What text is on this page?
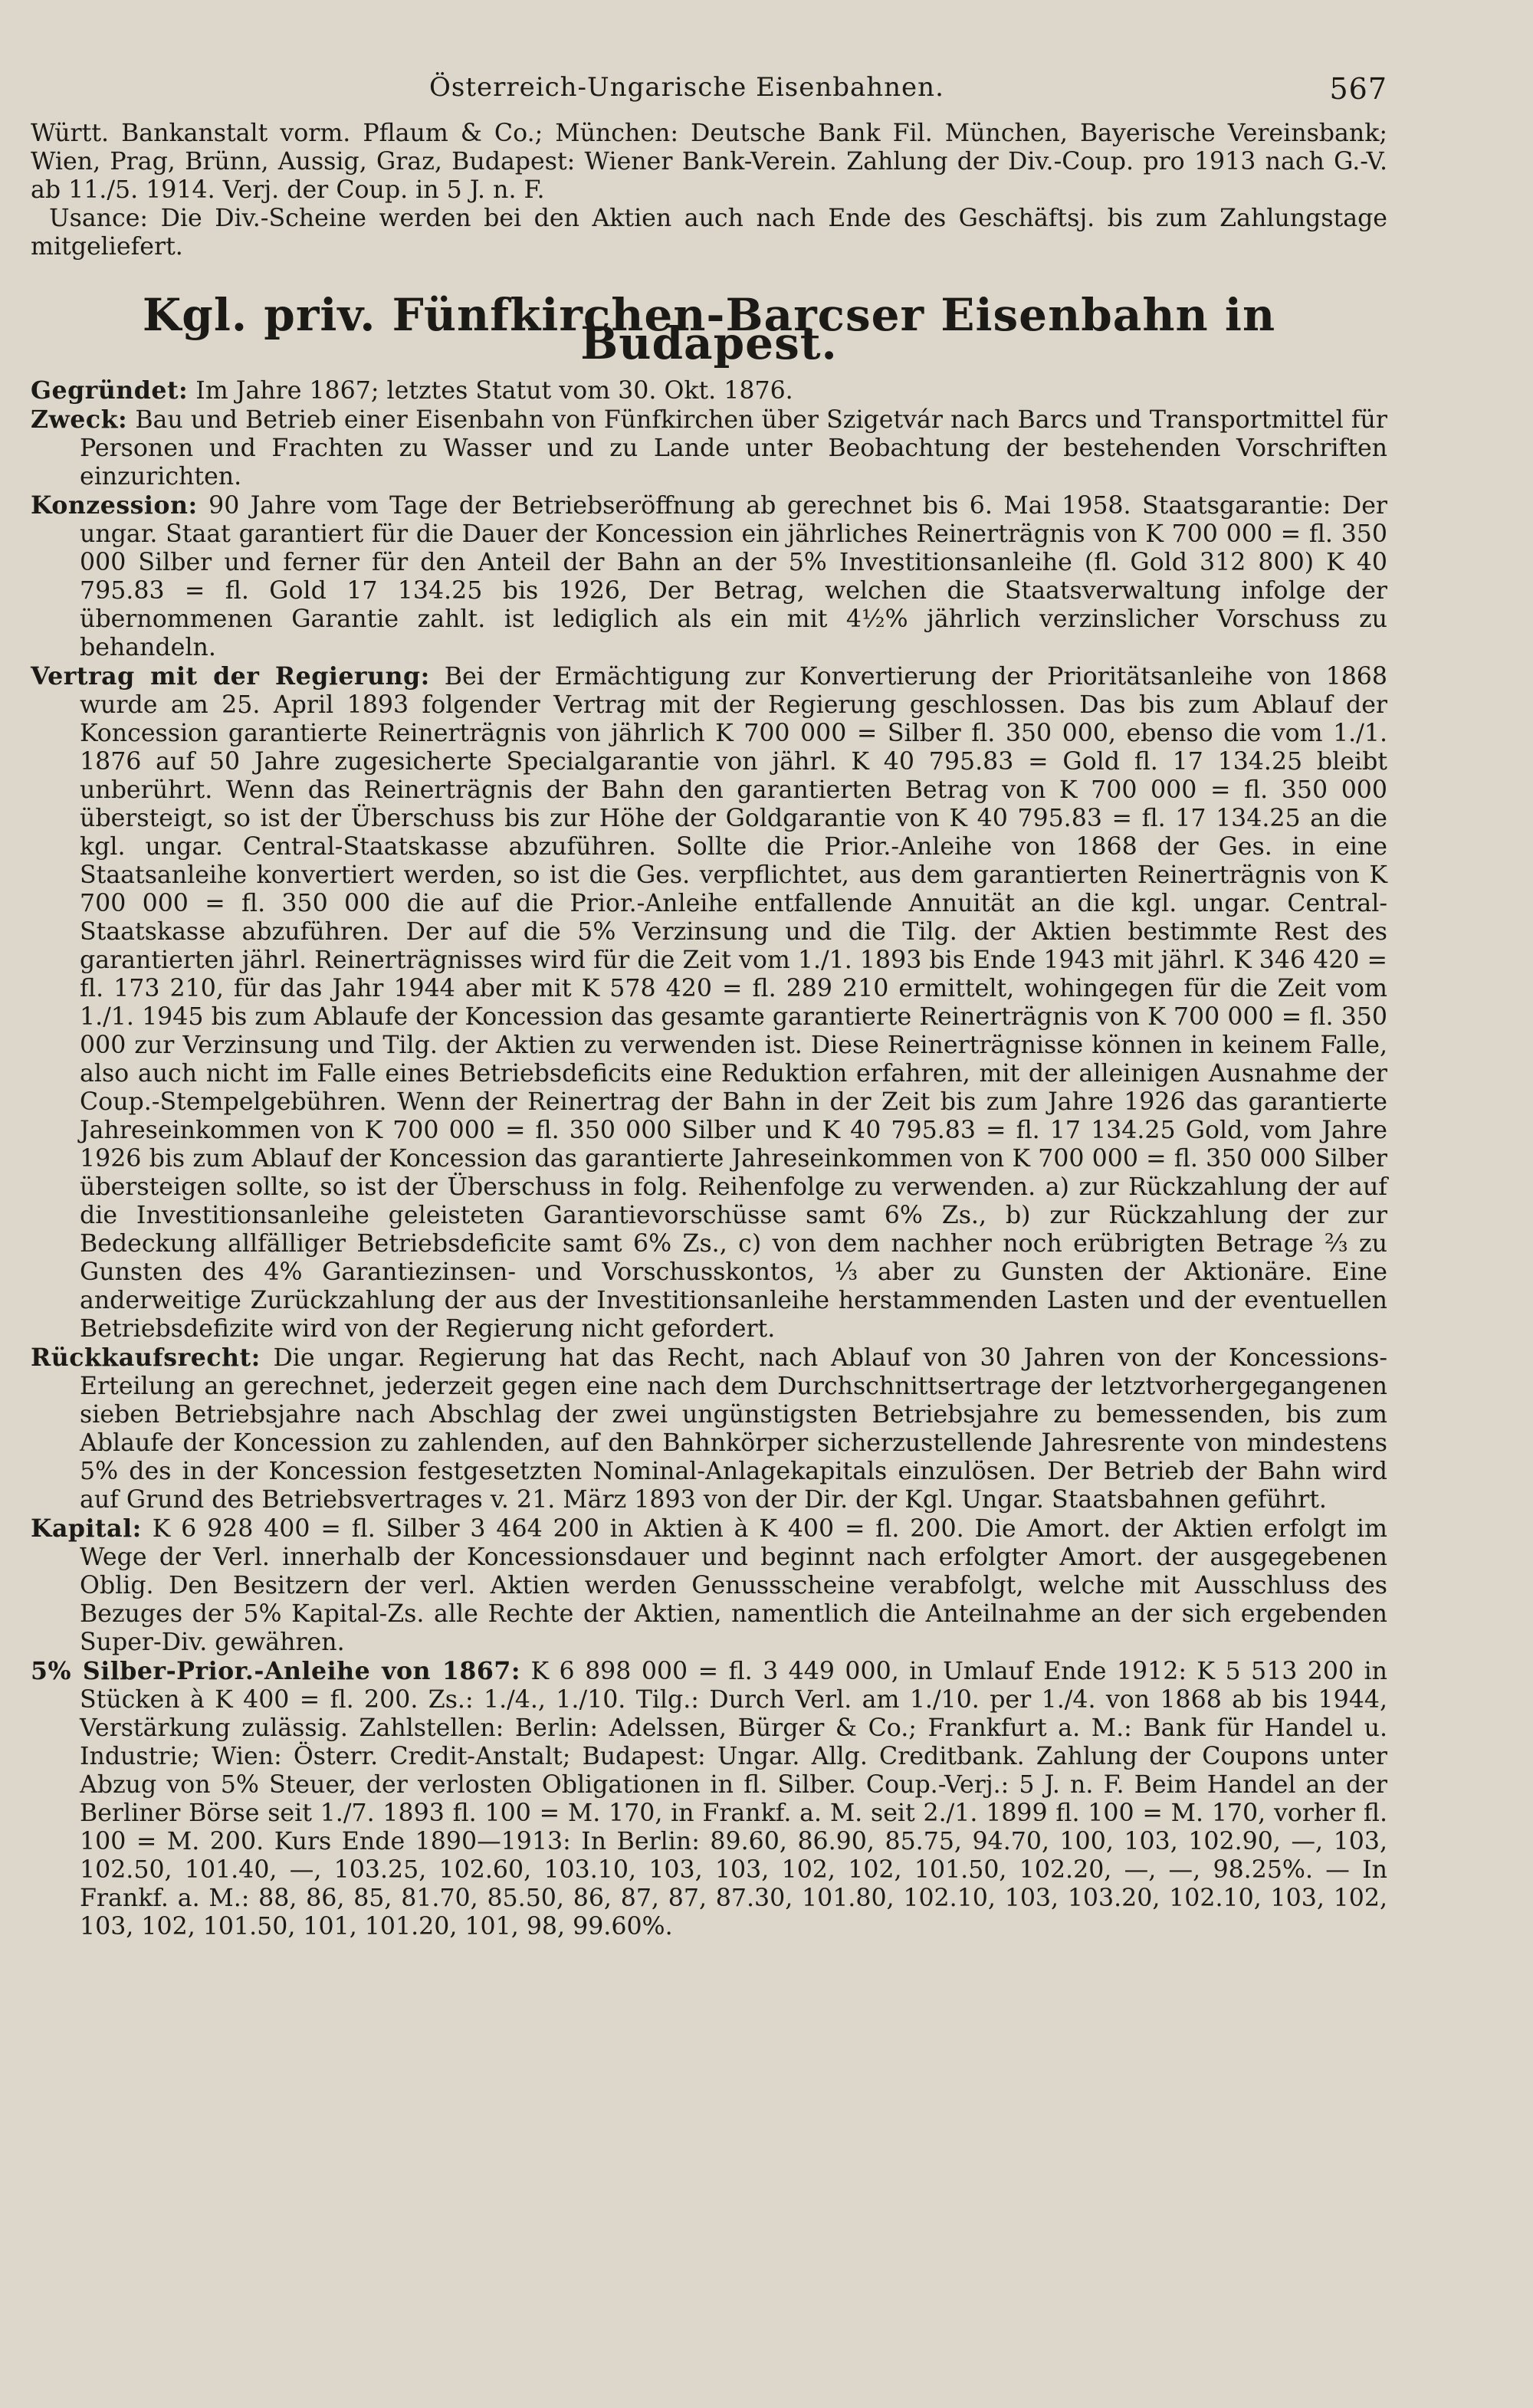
Österreich-Ungarische Eisenbahnen.	567

Württ. Bankanstalt vorm. Pflaum & Co.; München: Deutsche Bank Fil. München, Bayerische Vereinsbank; Wien, Prag, Brünn, Aussig, Graz, Budapest: Wiener Bank-Verein. Zahlung der Div.-Coup. pro 1913 nach G.-V. ab 11./5. 1914. Verj. der Coup. in 5 J. n. F.

Usance: Die Div.-Scheine werden bei den Aktien auch nach Ende des Geschäftsj. bis zum Zahlungstage mitgeliefert.

Kgl. priv. Fünfkirchen-Barcser Eisenbahn in Budapest.

Gegründet: Im Jahre 1867; letztes Statut vom 30. Okt. 1876.

Zweck: Bau und Betrieb einer Eisenbahn von Fünfkirchen über Szigetvár nach Barcs und Transportmittel für Personen und Frachten zu Wasser und zu Lande unter Beobachtung der bestehenden Vorschriften einzurichten.

Konzession: 90 Jahre vom Tage der Betriebseröffnung ab gerechnet bis 6. Mai 1958. Staatsgarantie: Der ungar. Staat garantiert für die Dauer der Koncession ein jährliches Reinerträgnis von K 700 000 = fl. 350 000 Silber und ferner für den Anteil der Bahn an der 5% Investitionsanleihe (fl. Gold 312 800) K 40 795.83 = fl. Gold 17 134.25 bis 1926, Der Betrag, welchen die Staatsverwaltung infolge der übernommenen Garantie zahlt. ist lediglich als ein mit 4½% jährlich verzinslicher Vorschuss zu behandeln.

Vertrag mit der Regierung: Bei der Ermächtigung zur Konvertierung der Prioritätsanleihe von 1868 wurde am 25. April 1893 folgender Vertrag mit der Regierung geschlossen. Das bis zum Ablauf der Koncession garantierte Reinerträgnis von jährlich K 700 000 = Silber fl. 350 000, ebenso die vom 1./1. 1876 auf 50 Jahre zugesicherte Specialgarantie von jährl. K 40 795.83 = Gold fl. 17 134.25 bleibt unberührt. Wenn das Reinerträgnis der Bahn den garantierten Betrag von K 700 000 = fl. 350 000 übersteigt, so ist der Überschuss bis zur Höhe der Goldgarantie von K 40 795.83 = fl. 17 134.25 an die kgl. ungar. Central-Staatskasse abzuführen. Sollte die Prior.-Anleihe von 1868 der Ges. in eine Staatsanleihe konvertiert werden, so ist die Ges. verpflichtet, aus dem garantierten Reinerträgnis von K 700 000 = fl. 350 000 die auf die Prior.-Anleihe entfallende Annuität an die kgl. ungar. Central-Staatskasse abzuführen. Der auf die 5% Verzinsung und die Tilg. der Aktien bestimmte Rest des garantierten jährl. Reinerträgnisses wird für die Zeit vom 1./1. 1893 bis Ende 1943 mit jährl. K 346 420 = fl. 173 210, für das Jahr 1944 aber mit K 578 420 = fl. 289 210 ermittelt, wohingegen für die Zeit vom 1./1. 1945 bis zum Ablaufe der Koncession das gesamte garantierte Reinerträgnis von K 700 000 = fl. 350 000 zur Verzinsung und Tilg. der Aktien zu verwenden ist. Diese Reinerträgnisse können in keinem Falle, also auch nicht im Falle eines Betriebsdeficits eine Reduktion erfahren, mit der alleinigen Ausnahme der Coup.-Stempelgebühren. Wenn der Reinertrag der Bahn in der Zeit bis zum Jahre 1926 das garantierte Jahreseinkommen von K 700 000 = fl. 350 000 Silber und K 40 795.83 = fl. 17 134.25 Gold, vom Jahre 1926 bis zum Ablauf der Koncession das garantierte Jahreseinkommen von K 700 000 = fl. 350 000 Silber übersteigen sollte, so ist der Überschuss in folg. Reihenfolge zu verwenden. a) zur Rückzahlung der auf die Investitionsanleihe geleisteten Garantievorschüsse samt 6% Zs., b) zur Rückzahlung der zur Bedeckung allfälliger Betriebsdeficite samt 6% Zs., c) von dem nachher noch erübrigten Betrage ⅔ zu Gunsten des 4% Garantiezinsen- und Vorschusskontos, ⅓ aber zu Gunsten der Aktionäre. Eine anderweitige Zurückzahlung der aus der Investitionsanleihe herstammenden Lasten und der eventuellen Betriebsdefizite wird von der Regierung nicht gefordert.

Rückkaufsrecht: Die ungar. Regierung hat das Recht, nach Ablauf von 30 Jahren von der Koncessions-Erteilung an gerechnet, jederzeit gegen eine nach dem Durchschnittsertrage der letztvorhergegangenen sieben Betriebsjahre nach Abschlag der zwei ungünstigsten Betriebsjahre zu bemessenden, bis zum Ablaufe der Koncession zu zahlenden, auf den Bahnkörper sicherzustellende Jahresrente von mindestens 5% des in der Koncession festgesetzten Nominal-Anlagekapitals einzulösen. Der Betrieb der Bahn wird auf Grund des Betriebsvertrages v. 21. März 1893 von der Dir. der Kgl. Ungar. Staatsbahnen geführt.

Kapital: K 6 928 400 = fl. Silber 3 464 200 in Aktien à K 400 = fl. 200. Die Amort. der Aktien erfolgt im Wege der Verl. innerhalb der Koncessionsdauer und beginnt nach erfolgter Amort. der ausgegebenen Oblig. Den Besitzern der verl. Aktien werden Genussscheine verabfolgt, welche mit Ausschluss des Bezuges der 5% Kapital-Zs. alle Rechte der Aktien, namentlich die Anteilnahme an der sich ergebenden Super-Div. gewähren.

5% Silber-Prior.-Anleihe von 1867: K 6 898 000 = fl. 3 449 000, in Umlauf Ende 1912: K 5 513 200 in Stücken à K 400 = fl. 200. Zs.: 1./4., 1./10. Tilg.: Durch Verl. am 1./10. per 1./4. von 1868 ab bis 1944, Verstärkung zulässig. Zahlstellen: Berlin: Adelssen, Bürger & Co.; Frankfurt a. M.: Bank für Handel u. Industrie; Wien: Österr. Credit-Anstalt; Budapest: Ungar. Allg. Creditbank. Zahlung der Coupons unter Abzug von 5% Steuer, der verlosten Obligationen in fl. Silber. Coup.-Verj.: 5 J. n. F. Beim Handel an der Berliner Börse seit 1./7. 1893 fl. 100 = M. 170, in Frankf. a. M. seit 2./1. 1899 fl. 100 = M. 170, vorher fl. 100 = M. 200. Kurs Ende 1890—1913: In Berlin: 89.60, 86.90, 85.75, 94.70, 100, 103, 102.90, —, 103, 102.50, 101.40, —, 103.25, 102.60, 103.10, 103, 103, 102, 102, 101.50, 102.20, —, —, 98.25%. — In Frankf. a. M.: 88, 86, 85, 81.70, 85.50, 86, 87, 87, 87.30, 101.80, 102.10, 103, 103.20, 102.10, 103, 102, 103, 102, 101.50, 101, 101.20, 101, 98, 99.60%.
